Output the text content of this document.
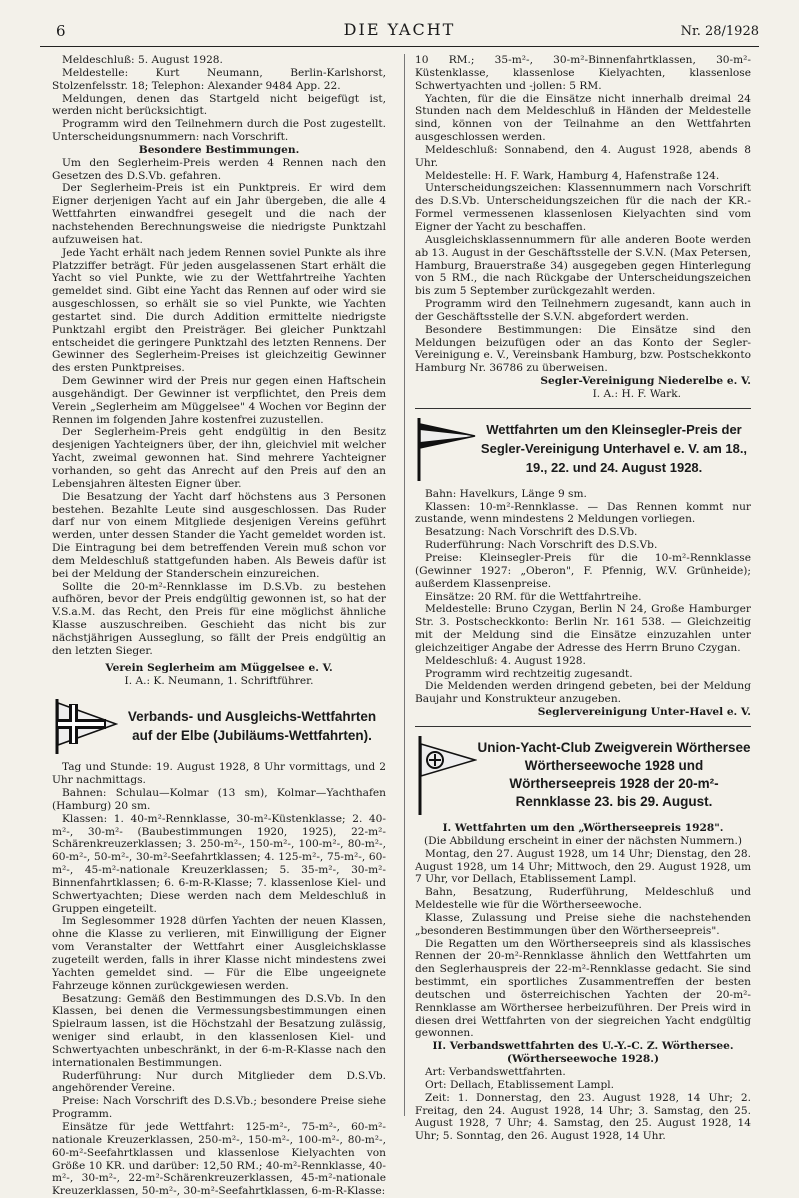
6	DIE YACHT	Nr. 28/1928

Meldeschluß: 5. August 1928.

Meldestelle: Kurt Neumann, Berlin-Karlshorst, Stolzenfelsstr. 18; Telephon: Alexander 9484 App. 22.

Meldungen, denen das Startgeld nicht beigefügt ist, werden nicht berücksichtigt.

Programm wird den Teilnehmern durch die Post zugestellt. Unterscheidungsnummern: nach Vorschrift.

Besondere Bestimmungen.

Um den Seglerheim-Preis werden 4 Rennen nach den Gesetzen des D.S.Vb. gefahren.

Der Seglerheim-Preis ist ein Punktpreis. Er wird dem Eigner derjenigen Yacht auf ein Jahr übergeben, die alle 4 Wettfahrten einwandfrei gesegelt und die nach der nachstehenden Berechnungsweise die niedrigste Punktzahl aufzuweisen hat.

Jede Yacht erhält nach jedem Rennen soviel Punkte als ihre Platzziffer beträgt. Für jeden ausgelassenen Start erhält die Yacht so viel Punkte, wie zu der Wettfahrtreihe Yachten gemeldet sind. Gibt eine Yacht das Rennen auf oder wird sie ausgeschlossen, so erhält sie so viel Punkte, wie Yachten gestartet sind. Die durch Addition ermittelte niedrigste Punktzahl ergibt den Preisträger. Bei gleicher Punktzahl entscheidet die geringere Punktzahl des letzten Rennens. Der Gewinner des Seglerheim-Preises ist gleichzeitig Gewinner des ersten Punktpreises.

Dem Gewinner wird der Preis nur gegen einen Haftschein ausgehändigt. Der Gewinner ist verpflichtet, den Preis dem Verein „Seglerheim am Müggelsee" 4 Wochen vor Beginn der Rennen im folgenden Jahre kostenfrei zuzustellen.

Der Seglerheim-Preis geht endgültig in den Besitz desjenigen Yachteigners über, der ihn, gleichviel mit welcher Yacht, zweimal gewonnen hat. Sind mehrere Yachteigner vorhanden, so geht das Anrecht auf den Preis auf den an Lebensjahren ältesten Eigner über.

Die Besatzung der Yacht darf höchstens aus 3 Personen bestehen. Bezahlte Leute sind ausgeschlossen. Das Ruder darf nur von einem Mitgliede desjenigen Vereins geführt werden, unter dessen Stander die Yacht gemeldet worden ist. Die Eintragung bei dem betreffenden Verein muß schon vor dem Meldeschluß stattgefunden haben. Als Beweis dafür ist bei der Meldung der Standerschein einzureichen.

Sollte die 20-m²-Rennklasse im D.S.Vb. zu bestehen aufhören, bevor der Preis endgültig gewonnen ist, so hat der V.S.a.M. das Recht, den Preis für eine möglichst ähnliche Klasse auszuschreiben. Geschieht das nicht bis zur nächstjährigen Ausseglung, so fällt der Preis endgültig an den letzten Sieger.

Verein Seglerheim am Müggelsee e. V.

I. A.: K. Neumann, 1. Schriftführer.

Verbands- und Ausgleichs-Wettfahrten auf der Elbe (Jubiläums-Wettfahrten).

Tag und Stunde: 19. August 1928, 8 Uhr vormittags, und 2 Uhr nachmittags.

Bahnen: Schulau—Kolmar (13 sm), Kolmar—Yachthafen (Hamburg) 20 sm.

Klassen: 1. 40-m²-Rennklasse, 30-m²-Küstenklasse; 2. 40-m²-, 30-m²- (Baubestimmungen 1920, 1925), 22-m²-Schärenkreuzerklassen; 3. 250-m²-, 150-m²-, 100-m²-, 80-m²-, 60-m²-, 50-m²-, 30-m²-Seefahrtklassen; 4. 125-m²-, 75-m²-, 60-m²-, 45-m²-nationale Kreuzerklassen; 5. 35-m²-, 30-m²-Binnenfahrtklassen; 6. 6-m-R-Klasse; 7. klassenlose Kiel- und Schwertyachten; Diese werden nach dem Meldeschluß in Gruppen eingeteilt.

Im Seglesommer 1928 dürfen Yachten der neuen Klassen, ohne die Klasse zu verlieren, mit Einwilligung der Eigner vom Veranstalter der Wettfahrt einer Ausgleichsklasse zugeteilt werden, falls in ihrer Klasse nicht mindestens zwei Yachten gemeldet sind. — Für die Elbe ungeeignete Fahrzeuge können zurückgewiesen werden.

Besatzung: Gemäß den Bestimmungen des D.S.Vb. In den Klassen, bei denen die Vermessungsbestimmungen einen Spielraum lassen, ist die Höchstzahl der Besatzung zulässig, weniger sind erlaubt, in den klassenlosen Kiel- und Schwertyachten unbeschränkt, in der 6-m-R-Klasse nach den internationalen Bestimmungen.

Ruderführung: Nur durch Mitglieder dem D.S.Vb. angehörender Vereine.

Preise: Nach Vorschrift des D.S.Vb.; besondere Preise siehe Programm.

Einsätze für jede Wettfahrt: 125-m²-, 75-m²-, 60-m²-nationale Kreuzerklassen, 250-m²-, 150-m²-, 100-m²-, 80-m²-, 60-m²-Seefahrtklassen und klassenlose Kielyachten von Größe 10 KR. und darüber: 12,50 RM.; 40-m²-Rennklasse, 40-m²-, 30-m²-, 22-m²-Schärenkreuzerklassen, 45-m²-nationale Kreuzerklassen, 50-m²-, 30-m²-Seefahrtklassen, 6-m-R-Klasse:

10 RM.; 35-m²-, 30-m²-Binnenfahrtklassen, 30-m²-Küstenklasse, klassenlose Kielyachten, klassenlose Schwertyachten und -jollen: 5 RM.

Yachten, für die die Einsätze nicht innerhalb dreimal 24 Stunden nach dem Meldeschluß in Händen der Meldestelle sind, können von der Teilnahme an den Wettfahrten ausgeschlossen werden.

Meldeschluß: Sonnabend, den 4. August 1928, abends 8 Uhr.

Meldestelle: H. F. Wark, Hamburg 4, Hafenstraße 124.

Unterscheidungszeichen: Klassennummern nach Vorschrift des D.S.Vb. Unterscheidungszeichen für die nach der KR.-Formel vermessenen klassenlosen Kielyachten sind vom Eigner der Yacht zu beschaffen.

Ausgleichsklassennummern für alle anderen Boote werden ab 13. August in der Geschäftsstelle der S.V.N. (Max Petersen, Hamburg, Brauerstraße 34) ausgegeben gegen Hinterlegung von 5 RM., die nach Rückgabe der Unterscheidungszeichen bis zum 5 September zurückgezahlt werden.

Programm wird den Teilnehmern zugesandt, kann auch in der Geschäftsstelle der S.V.N. abgefordert werden.

Besondere Bestimmungen: Die Einsätze sind den Meldungen beizufügen oder an das Konto der Segler-Vereinigung e. V., Vereinsbank Hamburg, bzw. Postschekkonto Hamburg Nr. 36786 zu überweisen.

Segler-Vereinigung Niederelbe e. V.

I. A.: H. F. Wark.

Wettfahrten um den Kleinsegler-Preis der Segler-Vereinigung Unterhavel e. V. am 18., 19., 22. und 24. August 1928.

Bahn: Havelkurs, Länge 9 sm.

Klassen: 10-m²-Rennklasse. — Das Rennen kommt nur zustande, wenn mindestens 2 Meldungen vorliegen.

Besatzung: Nach Vorschrift des D.S.Vb.

Ruderführung: Nach Vorschrift des D.S.Vb.

Preise: Kleinsegler-Preis für die 10-m²-Rennklasse (Gewinner 1927: „Oberon", F. Pfennig, W.V. Grünheide); außerdem Klassenpreise.

Einsätze: 20 RM. für die Wettfahrtreihe.

Meldestelle: Bruno Czygan, Berlin N 24, Große Hamburger Str. 3. Postscheckkonto: Berlin Nr. 161 538. — Gleichzeitig mit der Meldung sind die Einsätze einzuzahlen unter gleichzeitiger Angabe der Adresse des Herrn Bruno Czygan.

Meldeschluß: 4. August 1928.

Programm wird rechtzeitig zugesandt.

Die Meldenden werden dringend gebeten, bei der Meldung Baujahr und Konstrukteur anzugeben.

Seglervereinigung Unter-Havel e. V.

Union-Yacht-Club Zweigverein Wörthersee Wörtherseewoche 1928 und Wörtherseepreis 1928 der 20-m²-Rennklasse 23. bis 29. August.

I. Wettfahrten um den „Wörtherseepreis 1928".

(Die Abbildung erscheint in einer der nächsten Nummern.)

Montag, den 27. August 1928, um 14 Uhr; Dienstag, den 28. August 1928, um 14 Uhr; Mittwoch, den 29. August 1928, um 7 Uhr, vor Dellach, Etablissement Lampl.

Bahn, Besatzung, Ruderführung, Meldeschluß und Meldestelle wie für die Wörtherseewoche.

Klasse, Zulassung und Preise siehe die nachstehenden „besonderen Bestimmungen über den Wörtherseepreis".

Die Regatten um den Wörtherseepreis sind als klassisches Rennen der 20-m²-Rennklasse ähnlich den Wettfahrten um den Seglerhauspreis der 22-m²-Rennklasse gedacht. Sie sind bestimmt, ein sportliches Zusammentreffen der besten deutschen und österreichischen Yachten der 20-m²-Rennklasse am Wörthersee herbeizuführen. Der Preis wird in diesen drei Wettfahrten von der siegreichen Yacht endgültig gewonnen.

II. Verbandswettfahrten des U.-Y.-C. Z. Wörthersee.

(Wörtherseewoche 1928.)

Art: Verbandswettfahrten.

Ort: Dellach, Etablissement Lampl.

Zeit: 1. Donnerstag, den 23. August 1928, 14 Uhr; 2. Freitag, den 24. August 1928, 14 Uhr; 3. Samstag, den 25. August 1928, 7 Uhr; 4. Samstag, den 25. August 1928, 14 Uhr; 5. Sonntag, den 26. August 1928, 14 Uhr.
